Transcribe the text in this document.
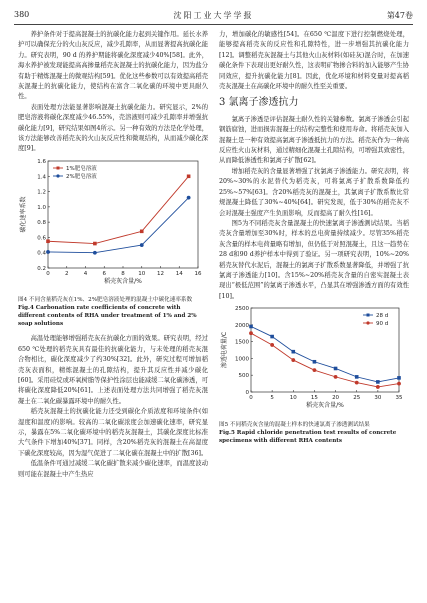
380	沈阳工业大学学报	第47卷

养护条件对于提高混凝土的抗碳化能力起到关键作用。延长水养护可以确保充分的火山灰反应，减少孔隙率，从而显著提高抗碳化能力。研究表明，90 d 的养护期能将碳化深度减少40%[58]。此外，海水养护被发现能提高高掺量稻壳灰混凝土的抗碳化能力，因为盐分有助于精炼混凝土的微观结构[59]。优化这些参数可以有效提高稻壳灰混凝土的抗碳化能力，使结构在富含二氧化碳的环境中更具耐久性。

表面处理方法能显著影响混凝土抗碳化能力。研究显示，2%的肥皂溶液将碳化深度减少46.55%，壳溶液则可减少孔隙率并增强抗碳化能力[9]，研究结果如图4所示。另一种有效的方法是化学处理，该方法能够改善稻壳灰的火山灰反应性和微观结构，从而减少碳化深度[9]。

0	2	4	6	8 10 12 14 16
0.2
0.4
0.6
0.8
1.0
1.2
1.4
1.6
稻壳灰含量/%
碳化速率系数
1%肥皂溶液
2%肥皂溶液
图4 不同含量稻壳灰在1%、2%肥皂溶液处理的混凝土中碳化速率系数
Fig.4 Carbonation rate coefficients of concrete with different contents of RHA under treatment of 1% and 2% soap solutions

高温处理能够增强稻壳灰在抗碳化方面的效果。研究表明，经过650 ℃处理的稻壳灰具有最佳的抗碳化能力，与未处理的稻壳灰混合物相比，碳化深度减少了约30%[32]。此外，研究过程可增加稻壳灰表面积，精炼混凝土的孔隙结构，提升其反应性并减少碳化[60]。采用硅烷或环氧树脂等保护性涂层也能减缓二氧化碳渗透，可将碳化深度降低20%[61]。上述表面处理方法共同增强了稻壳灰混凝土在二氧化碳暴露环境中的耐久性。

稻壳灰混凝土的抗碳化能力还受到碳化介质浓度和环境条件(如湿度和温度)的影响。较高的二氧化碳浓度会加速碳化速率，研究显示，暴露在5%二氧化碳环境中的稻壳灰混凝土，其碳化深度比标准大气条件下增加40%[37]。同样，含20%稻壳灰的混凝土在高湿度下碳化深度较高，因为湿气促进了二氧化碳在混凝土中的扩散[36]。

低温条件可通过减缓二氧化碳扩散来减少碳化速率，而温度波动则可能在混凝土中产生热应

力，增加碳化的敏感性[54]。在650 ℃温度下进行控制燃烧处理，能够提高稻壳灰的反应性和孔隙特性，进一步增强其抗碳化能力[12]。调整稻壳灰混凝土与其他火山灰材料(如硅灰)混合时，在加速碳化条件下表现出更好耐久性，这表明矿物掺合料的加入能够产生协同效应，提升抗碳化能力[8]。因此，优化环境和材料变量对提高稻壳灰混凝土在高碳化环境中的耐久性至关重要。

3 氯离子渗透抗力

氯离子渗透是评估混凝土耐久性的关键参数。氯离子渗透会引起钢筋腐蚀，进而损害混凝土的结构完整性和使用寿命。将稻壳灰加入混凝土是一种有效提高氯离子渗透抵抗力的方法。稻壳灰作为一种高反应性火山灰材料，通过精细化混凝土孔隙结构，可增强其致密性，从而降低渗透性和氯离子扩散[62]。

增加稻壳灰的含量显著增强了抗氯离子渗透能力。研究表明，将20%~30%的水泥替代为稻壳灰，可将氯离子扩散系数降低约25%~57%[63]。含20%稻壳灰的混凝土，其氯离子扩散系数比常规混凝土降低了30%~40%[64]。研究发现，低于30%的稻壳灰不会对混凝土强度产生负面影响，反而提高了耐久性[16]。

图5为不同稻壳灰含量混凝土的快速氯离子渗透测试结果。当稻壳灰含量增加至30%时，样本的总电荷量持续减少。尽管35%稻壳灰含量的样本电荷量略有增加，但仍低于对照混凝土，且这一趋势在28 d和90 d养护样本中得到了验证。另一项研究表明，10%~20%稻壳灰替代水泥后，混凝土的氯离子扩散系数显著降低，并增强了抗氯离子渗透能力[10]。含15%~20%稻壳灰含量的自密实混凝土表现出“极低范围”的氯离子渗透水平，凸显其在增强渗透方面的有效性[10]。

0	5	10	15	20	25	30	35
0
500
1000
1500
2000
2500
稻壳灰含量/%
渗透电荷量/C
28 d
90 d
图5 不同稻壳灰含量的混凝土样本的快速氯离子渗透测试结果
Fig.5 Rapid chloride penetration test results of concrete specimens with different RHA contents
